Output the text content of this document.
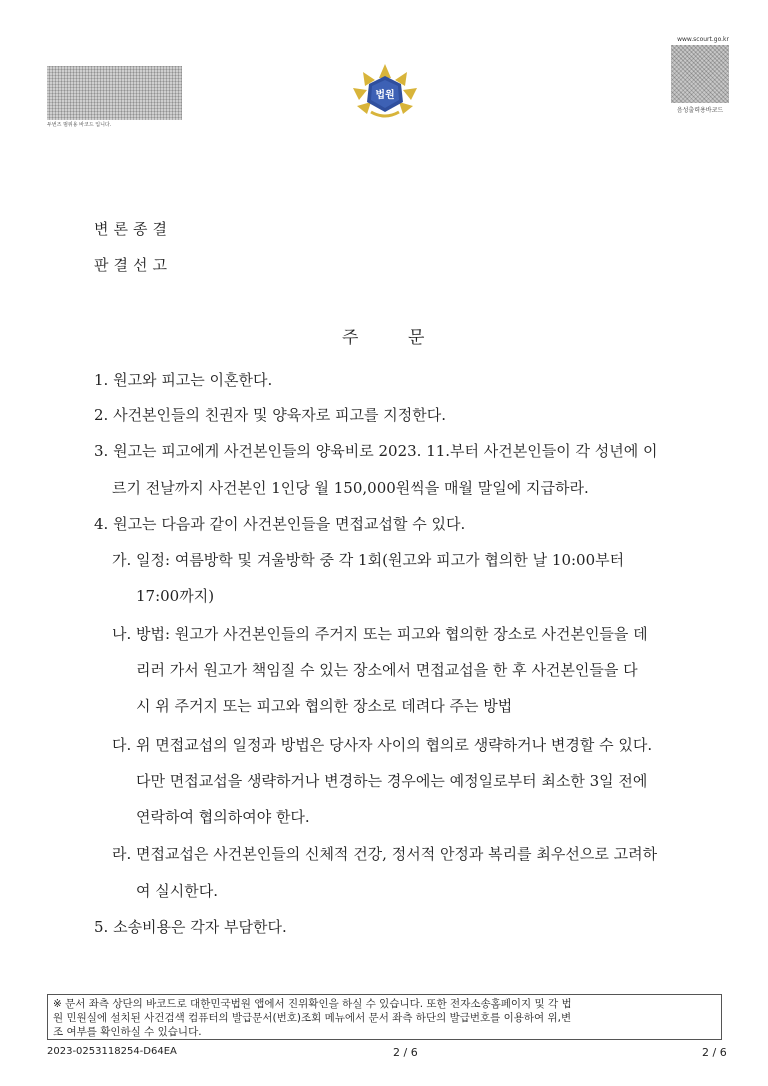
두번즈 범위용 바코드 입니다.
법원
www.scourt.go.kr
음성출력용바코드
변론종결
판결선고
주	문
1. 원고와 피고는 이혼한다.
2. 사건본인들의 친권자 및 양육자로 피고를 지정한다.
3. 원고는 피고에게 사건본인들의 양육비로 2023. 11.부터 사건본인들이 각 성년에 이
르기 전날까지 사건본인 1인당 월 150,000원씩을 매월 말일에 지급하라.
4. 원고는 다음과 같이 사건본인들을 면접교섭할 수 있다.
가. 일정: 여름방학 및 겨울방학 중 각 1회(원고와 피고가 협의한 날 10:00부터
17:00까지)
나. 방법: 원고가 사건본인들의 주거지 또는 피고와 협의한 장소로 사건본인들을 데
리러 가서 원고가 책임질 수 있는 장소에서 면접교섭을 한 후 사건본인들을 다
시 위 주거지 또는 피고와 협의한 장소로 데려다 주는 방법
다. 위 면접교섭의 일정과 방법은 당사자 사이의 협의로 생략하거나 변경할 수 있다.
다만 면접교섭을 생략하거나 변경하는 경우에는 예정일로부터 최소한 3일 전에
연락하여 협의하여야 한다.
라. 면접교섭은 사건본인들의 신체적 건강, 정서적 안정과 복리를 최우선으로 고려하
여 실시한다.
5. 소송비용은 각자 부담한다.
※ 문서 좌측 상단의 바코드로 대한민국법원 앱에서 진위확인을 하실 수 있습니다. 또한 전자소송홈페이지 및 각 법
원 민원실에 설치된 사건검색 컴퓨터의 발급문서(번호)조회 메뉴에서 문서 좌측 하단의 발급번호를 이용하여 위,변
조 여부를 확인하실 수 있습니다.
2023-0253118254-D64EA	2 / 6	2 / 6
